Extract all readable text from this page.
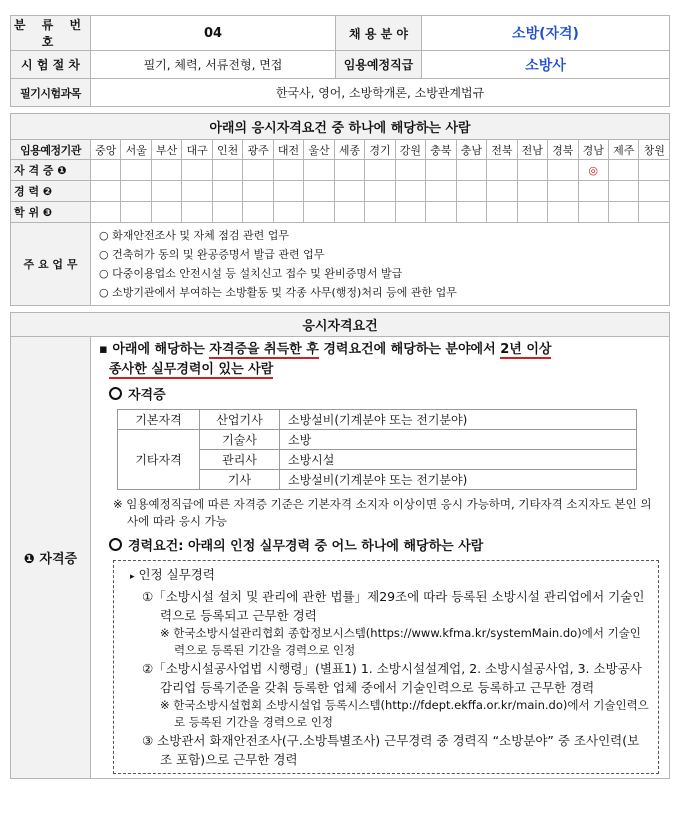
분 류 번 호	04	채 용 분 야	소방(자격)
시 험 절 차	필기, 체력, 서류전형, 면접	임용예정직급	소방사
필기시험과목	한국사, 영어, 소방학개론, 소방관계법규		
아래의 응시자격요건 중 하나에 해당하는 사람																			
임용예정기관	중앙	서울	부산	대구	인천	광주	대전	울산	세종	경기	강원	충북	충남	전북	전남	경북	경남	제주	창원
자 격 증 ❶																	◎		
경 력 ❷																			
학 위 ❸																			
주 요 업 무	○ 화재안전조사 및 자체 점검 관련 업무
○ 건축허가 동의 및 완공증명서 발급 관련 업무
○ 다중이용업소 안전시설 등 설치신고 접수 및 완비증명서 발급
○ 소방기관에서 부여하는 소방활동 및 각종 사무(행정)처리 등에 관한 업무																		
응시자격요건
❶ 자격증	
▪ 아래에 해당하는 자격증을 취득한 후 경력요건에 해당하는 분야에서 2년 이상
종사한 실무경력이 있는 사람
자격증
기본자격	산업기사	소방설비(기계분야 또는 전기분야)
기타자격	기술사	소방
관리사	소방시설
기사	소방설비(기계분야 또는 전기분야)
※ 임용예정직급에 따른 자격증 기준은 기본자격 소지자 이상이면 응시 가능하며, 기타자격 소지자도 본인 의사에 따라 응시 가능
경력요건: 아래의 인정 실무경력 중 어느 하나에 해당하는 사람
▸ 인정 실무경력
①「소방시설 설치 및 관리에 관한 법률」제29조에 따라 등록된 소방시설 관리업에서 기술인력으로 등록되고 근무한 경력
※ 한국소방시설관리협회 종합정보시스템(https://www.kfma.kr/systemMain.do)에서 기술인력으로 등록된 기간을 경력으로 인정
②「소방시설공사업법 시행령」(별표1) 1. 소방시설설계업, 2. 소방시설공사업, 3. 소방공사감리업 등록기준을 갖춰 등록한 업체 중에서 기술인력으로 등록하고 근무한 경력
※ 한국소방시설협회 소방시설업 등록시스템(http://fdept.ekffa.or.kr/main.do)에서 기술인력으로 등록된 기간을 경력으로 인정
③ 소방관서 화재안전조사(구.소방특별조사) 근무경력 중 경력직 “소방분야” 중 조사인력(보조 포함)으로 근무한 경력
